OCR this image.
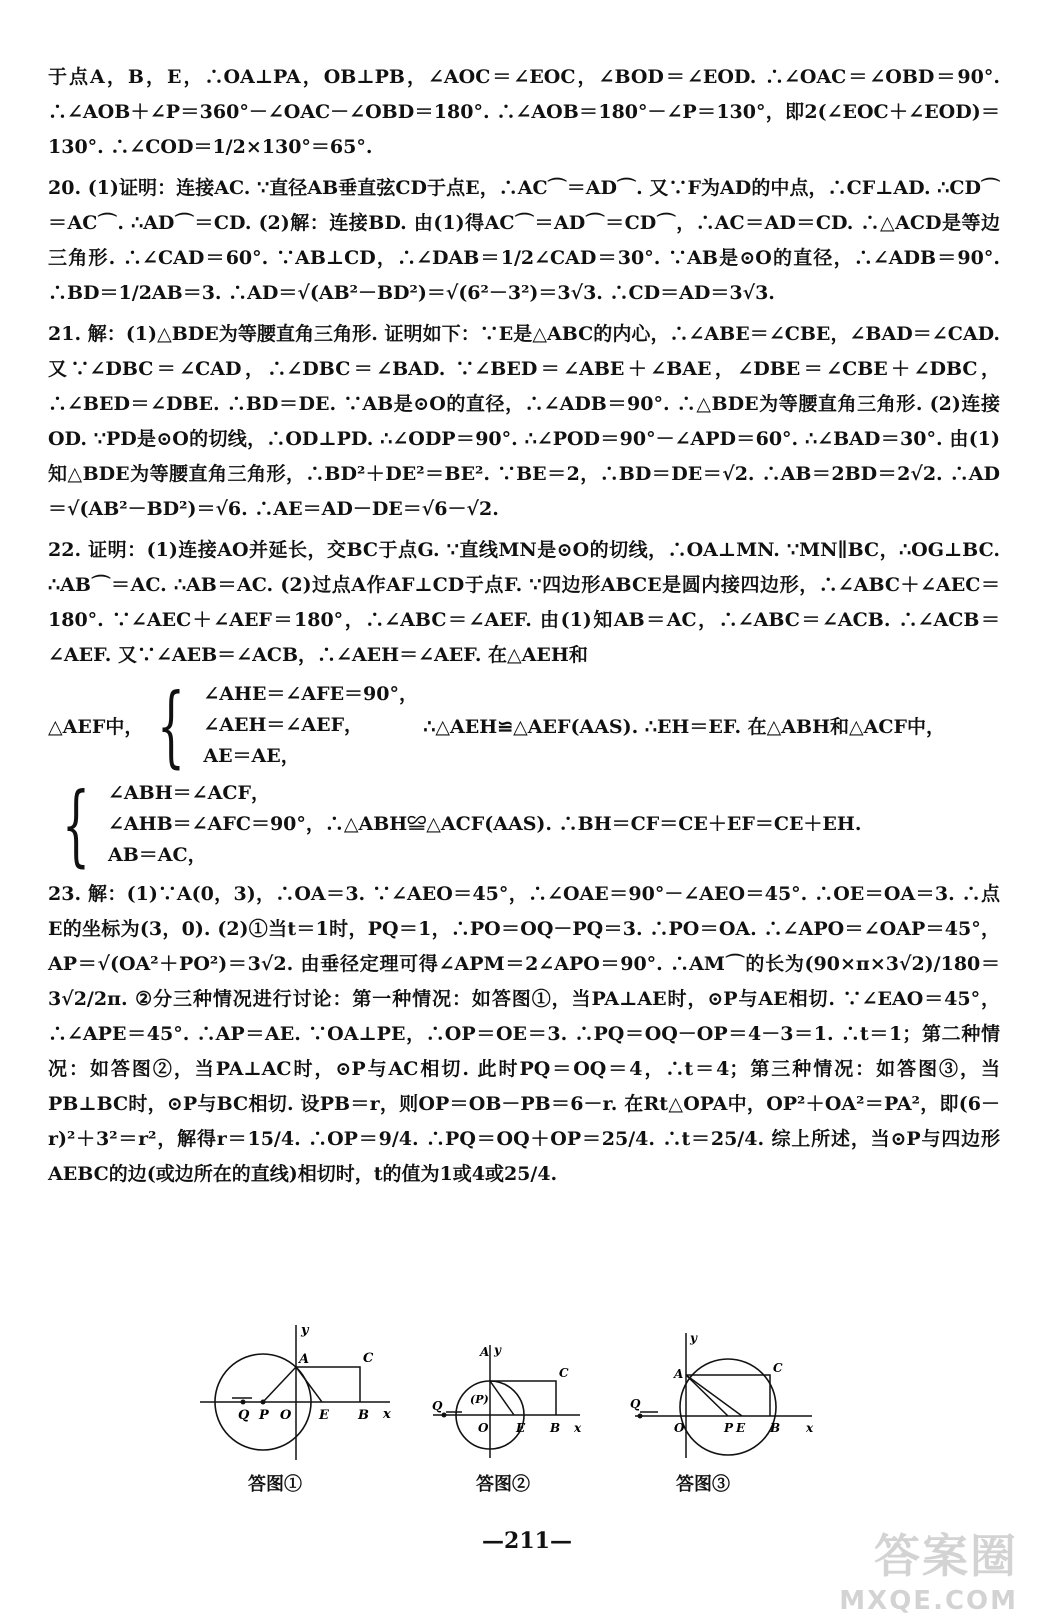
于点A，B，E，∴OA⊥PA，OB⊥PB，∠AOC＝∠EOC，∠BOD＝∠EOD. ∴∠OAC＝∠OBD＝90°. ∴∠AOB＋∠P＝360°－∠OAC－∠OBD＝180°. ∴∠AOB＝180°－∠P＝130°，即2(∠EOC＋∠EOD)＝130°. ∴∠COD＝1/2×130°＝65°.

20. (1)证明：连接AC. ∵直径AB垂直弦CD于点E，∴AC⌒＝AD⌒. 又∵F为AD的中点，∴CF⊥AD. ∴CD⌒＝AC⌒. ∴AD⌒＝CD. (2)解：连接BD. 由(1)得AC⌒＝AD⌒＝CD⌒，∴AC＝AD＝CD. ∴△ACD是等边三角形. ∴∠CAD＝60°. ∵AB⊥CD，∴∠DAB＝1/2∠CAD＝30°. ∵AB是⊙O的直径，∴∠ADB＝90°. ∴BD＝1/2AB＝3. ∴AD＝√(AB²－BD²)＝√(6²－3²)＝3√3. ∴CD＝AD＝3√3.

21. 解：(1)△BDE为等腰直角三角形. 证明如下：∵E是△ABC的内心，∴∠ABE＝∠CBE，∠BAD＝∠CAD. 又∵∠DBC＝∠CAD，∴∠DBC＝∠BAD. ∵∠BED＝∠ABE＋∠BAE，∠DBE＝∠CBE＋∠DBC，∴∠BED＝∠DBE. ∴BD＝DE. ∵AB是⊙O的直径，∴∠ADB＝90°. ∴△BDE为等腰直角三角形. (2)连接OD. ∵PD是⊙O的切线，∴OD⊥PD. ∴∠ODP＝90°. ∴∠POD＝90°－∠APD＝60°. ∴∠BAD＝30°. 由(1)知△BDE为等腰直角三角形，∴BD²＋DE²＝BE². ∵BE＝2，∴BD＝DE＝√2. ∴AB＝2BD＝2√2. ∴AD＝√(AB²－BD²)＝√6. ∴AE＝AD－DE＝√6－√2.

22. 证明：(1)连接AO并延长，交BC于点G. ∵直线MN是⊙O的切线，∴OA⊥MN. ∵MN∥BC，∴OG⊥BC. ∴AB⌒＝AC. ∴AB＝AC. (2)过点A作AF⊥CD于点F. ∵四边形ABCE是圆内接四边形，∴∠ABC＋∠AEC＝180°. ∵∠AEC＋∠AEF＝180°，∴∠ABC＝∠AEF. 由(1)知AB＝AC，∴∠ABC＝∠ACB. ∴∠ACB＝∠AEF. 又∵∠AEB＝∠ACB，∴∠AEH＝∠AEF. 在△AEH和

△AEF中， { ∠AHE＝∠AFE＝90°，
∠AEH＝∠AEF，
AE＝AE，
∴△AEH≌△AEF(AAS). ∴EH＝EF. 在△ABH和△ACF中，
{ ∠ABH＝∠ACF，
∠AHB＝∠AFC＝90°，∴△ABH≌△ACF(AAS). ∴BH＝CF＝CE＋EF＝CE＋EH.
AB＝AC，

23. 解：(1)∵A(0，3)，∴OA＝3. ∵∠AEO＝45°，∴∠OAE＝90°－∠AEO＝45°. ∴OE＝OA＝3. ∴点E的坐标为(3，0). (2)①当t＝1时，PQ＝1，∴PO＝OQ－PQ＝3. ∴PO＝OA. ∴∠APO＝∠OAP＝45°，AP＝√(OA²＋PO²)＝3√2. 由垂径定理可得∠APM＝2∠APO＝90°. ∴AM⌒的长为(90×π×3√2)/180＝3√2/2π. ②分三种情况进行讨论：第一种情况：如答图①，当PA⊥AE时，⊙P与AE相切. ∵∠EAO＝45°，∴∠APE＝45°. ∴AP＝AE. ∵OA⊥PE，∴OP＝OE＝3. ∴PQ＝OQ－OP＝4－3＝1. ∴t＝1；第二种情况：如答图②，当PA⊥AC时，⊙P与AC相切. 此时PQ＝OQ＝4，∴t＝4；第三种情况：如答图③，当PB⊥BC时，⊙P与BC相切. 设PB＝r，则OP＝OB－PB＝6－r. 在Rt△OPA中，OP²＋OA²＝PA²，即(6－r)²＋3²＝r²，解得r＝15/4. ∴OP＝9/4. ∴PQ＝OQ＋OP＝25/4. ∴t＝25/4. 综上所述，当⊙P与四边形AEBC的边(或边所在的直线)相切时，t的值为1或4或25/4.

y
x
A	C
Q P O E B
答图①
y
x
A
C
Q	(P)
O E B
答图②
y
x
A	C
Q
O	P E B
答图③
—211—	答案圈
MXQE.COM
